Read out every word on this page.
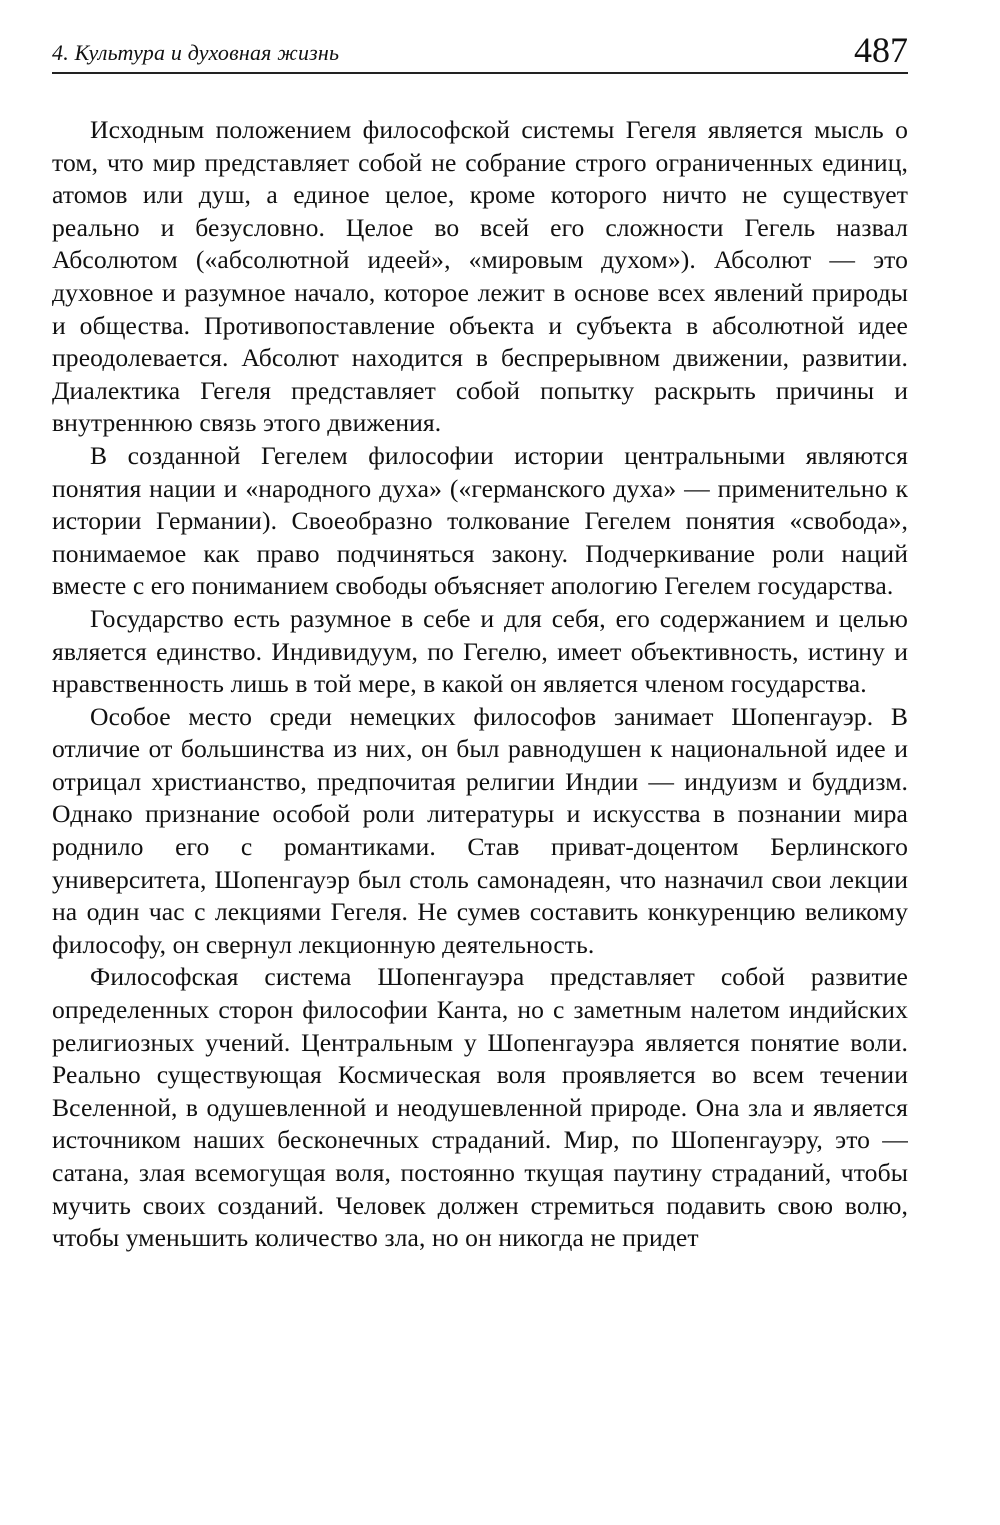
4. Культура и духовная жизнь	487

Исходным положением философской системы Гегеля является мысль о том, что мир представляет собой не собрание строго ограниченных единиц, атомов или душ, а единое целое, кроме которого ничто не существует реально и безусловно. Целое во всей его сложности Гегель назвал Абсолютом («абсолютной идеей», «мировым духом»). Абсолют — это духовное и разумное начало, которое лежит в основе всех явлений природы и общества. Противопоставление объекта и субъекта в абсолютной идее преодолевается. Абсолют находится в беспрерывном движении, развитии. Диалектика Гегеля представляет собой попытку раскрыть причины и внутреннюю связь этого движения.

В созданной Гегелем философии истории центральными являются понятия нации и «народного духа» («германского духа» — применительно к истории Германии). Своеобразно толкование Гегелем понятия «свобода», понимаемое как право подчиняться закону. Подчеркивание роли наций вместе с его пониманием свободы объясняет апологию Гегелем государства.

Государство есть разумное в себе и для себя, его содержанием и целью является единство. Индивидуум, по Гегелю, имеет объективность, истину и нравственность лишь в той мере, в какой он является членом государства.

Особое место среди немецких философов занимает Шопенгауэр. В отличие от большинства из них, он был равнодушен к национальной идее и отрицал христианство, предпочитая религии Индии — индуизм и буддизм. Однако признание особой роли литературы и искусства в познании мира роднило его с романтиками. Став приват-доцентом Берлинского университета, Шопенгауэр был столь самонадеян, что назначил свои лекции на один час с лекциями Гегеля. Не сумев составить конкуренцию великому философу, он свернул лекционную деятельность.

Философская система Шопенгауэра представляет собой развитие определенных сторон философии Канта, но с заметным налетом индийских религиозных учений. Центральным у Шопенгауэра является понятие воли. Реально существующая Космическая воля проявляется во всем течении Вселенной, в одушевленной и неодушевленной природе. Она зла и является источником наших бесконечных страданий. Мир, по Шопенгауэру, это — сатана, злая всемогущая воля, постоянно ткущая паутину страданий, чтобы мучить своих созданий. Человек должен стремиться подавить свою волю, чтобы уменьшить количество зла, но он никогда не придет
